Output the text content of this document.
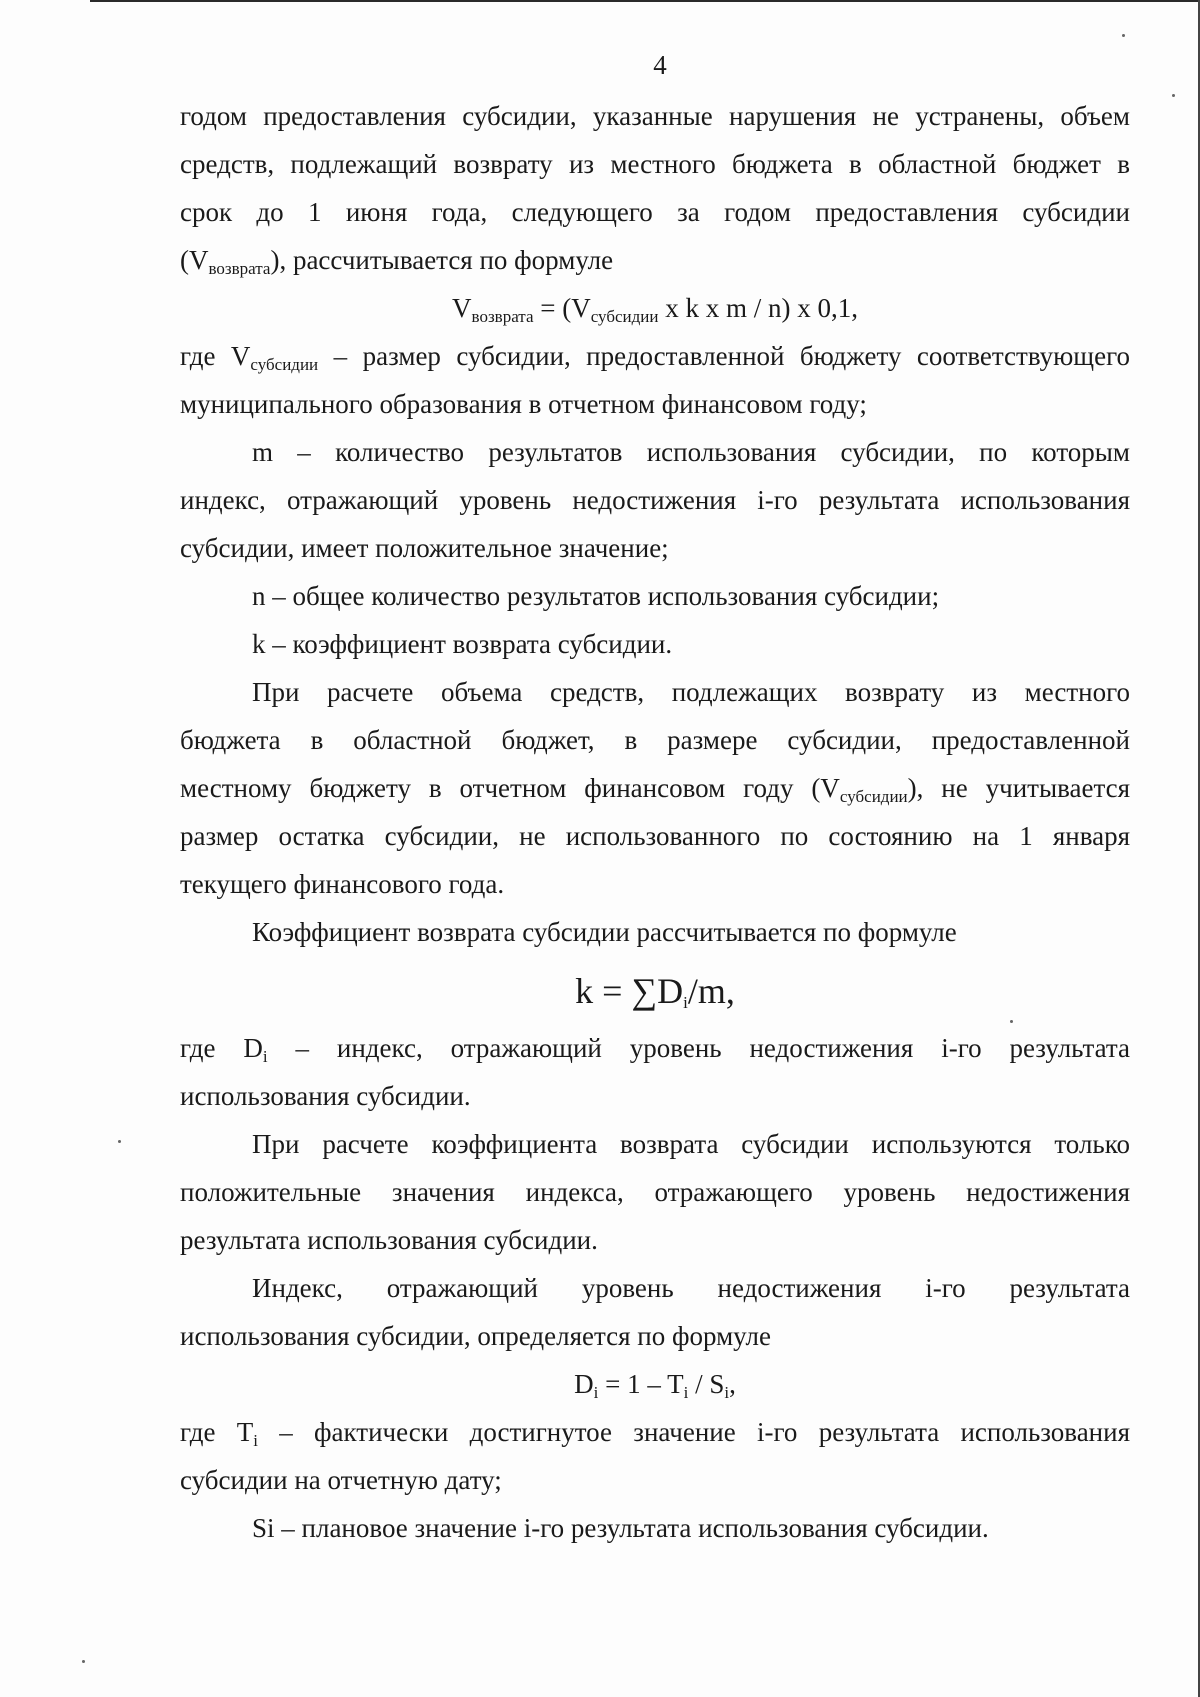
4
годом предоставления субсидии, указанные нарушения не устранены, объем
средств, подлежащий возврату из местного бюджета в областной бюджет в
срок до 1 июня года, следующего за годом предоставления субсидии
$(V_{возврата})$, рассчитывается по формуле
$V_{возврата} = (V_{субсидии}$ x k x m / n) x 0,1,
где $V_{субсидии}$ – размер субсидии, предоставленной бюджету соответствующего
муниципального образования в отчетном финансовом году;
m – количество результатов использования субсидии, по которым
индекс, отражающий уровень недостижения i-го результата использования
субсидии, имеет положительное значение;
n – общее количество результатов использования субсидии;
k – коэффициент возврата субсидии.
При расчете объема средств, подлежащих возврату из местного
бюджета в областной бюджет, в размере субсидии, предоставленной
местному бюджету в отчетном финансовом году $(V_{субсидии})$, не учитывается
размер остатка субсидии, не использованного по состоянию на 1 января
текущего финансового года.
Коэффициент возврата субсидии рассчитывается по формуле
$k = \sum D_i/m$,
где $D_i$ – индекс, отражающий уровень недостижения i-го результата
использования субсидии.
При расчете коэффициента возврата субсидии используются только
положительные значения индекса, отражающего уровень недостижения
результата использования субсидии.
Индекс, отражающий уровень недостижения i-го результата
использования субсидии, определяется по формуле
$D_i = 1 - T_i / S_i$,
где $T_i$ – фактически достигнутое значение i-го результата использования
субсидии на отчетную дату;
Si – плановое значение i-го результата использования субсидии.
